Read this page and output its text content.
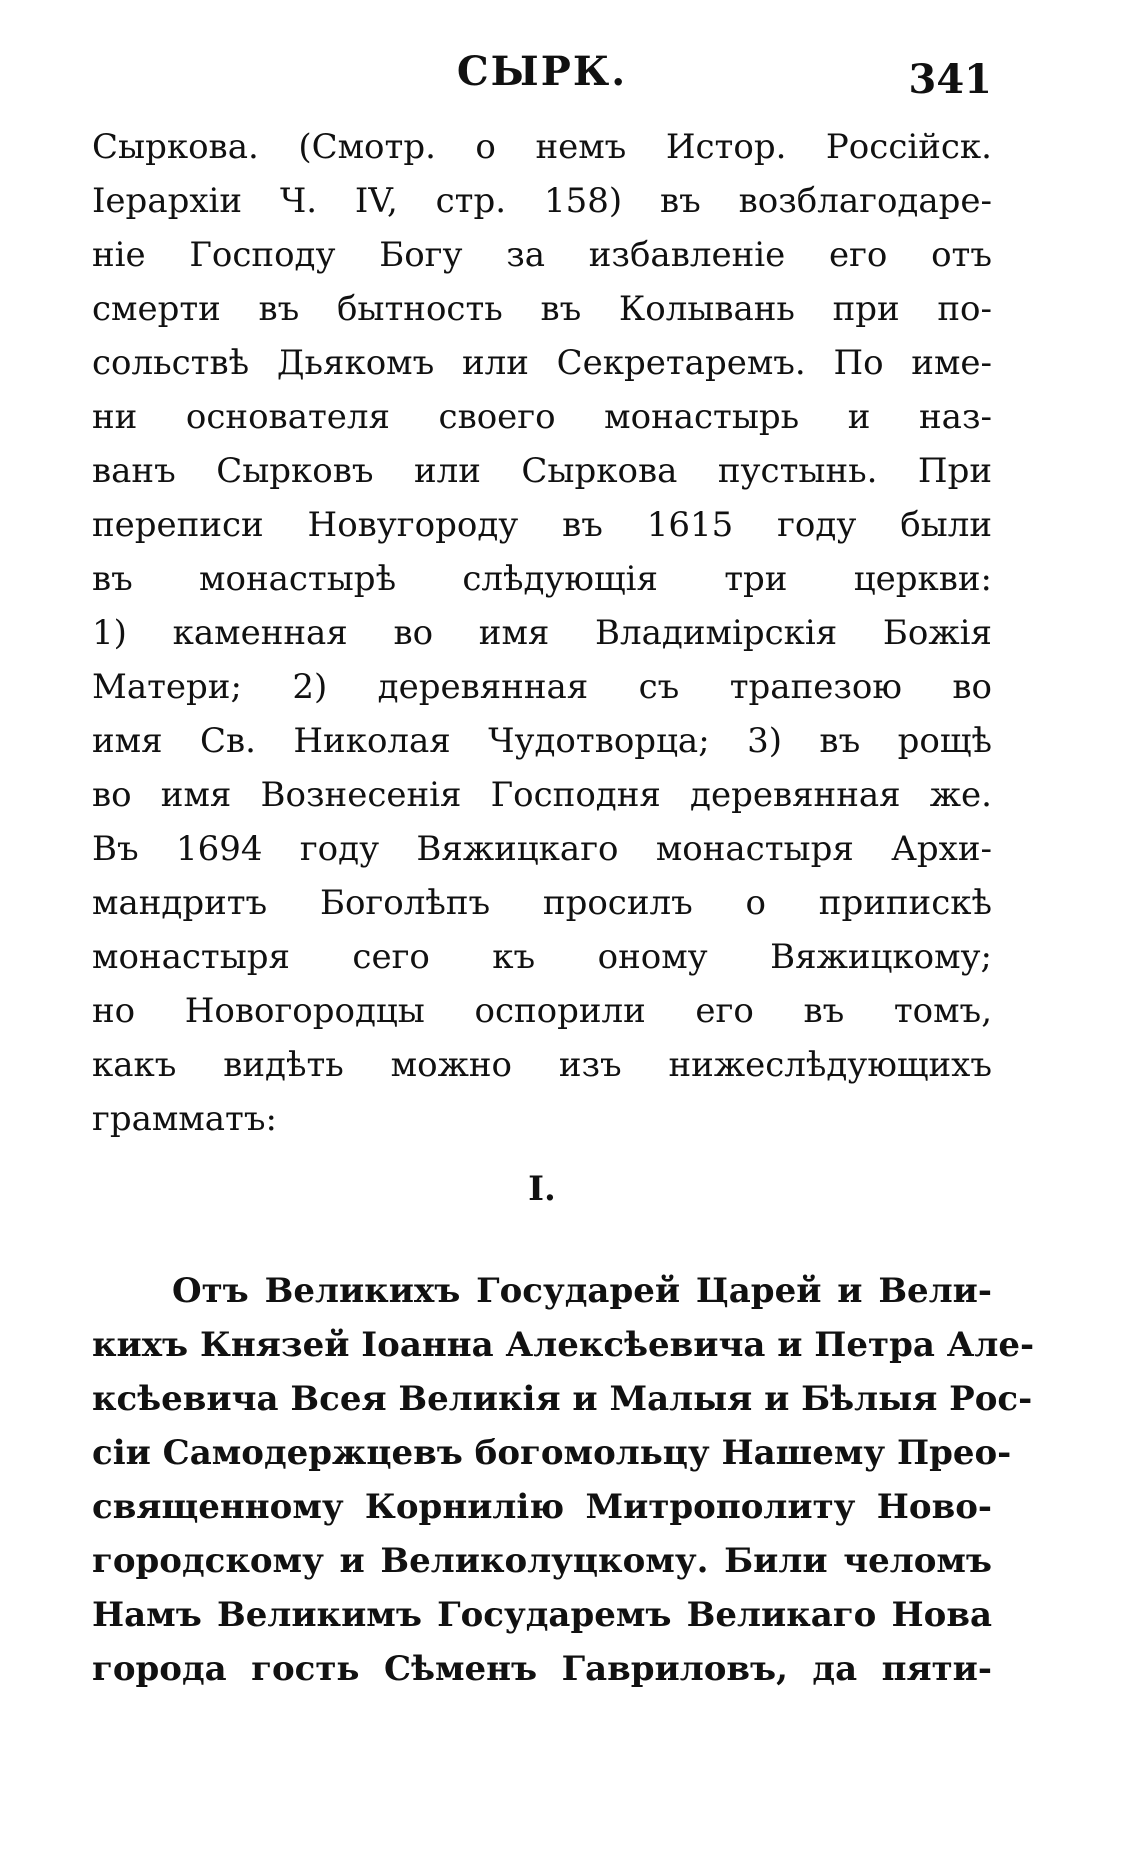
СЫРК.	341
Сыркова. (Смотр. о немъ Истор. Россійск.
Іерархіи Ч. IV, стр. 158) въ возблагодаре-
ніе Господу Богу за избавленіе его отъ
смерти въ бытность въ Колывань при по-
сольствѣ Дьякомъ или Секретаремъ. По име-
ни основателя своего монастырь и наз-
ванъ Сырковъ или Сыркова пустынь. При
переписи Новугороду въ 1615 году были
въ монастырѣ слѣдующія три церкви:
1) каменная во имя Владимірскія Божія
Матери; 2) деревянная съ трапезою во
имя Св. Николая Чудотворца; 3) въ рощѣ
во имя Вознесенія Господня деревянная же.
Въ 1694 году Вяжицкаго монастыря Архи-
мандритъ Боголѣпъ просилъ о припискѣ
монастыря сего къ оному Вяжицкому;
но Новогородцы оспорили его въ томъ,
какъ видѣть можно изъ нижеслѣдующихъ
грамматъ:
I.
Отъ Великихъ Государей Царей и Вели-
кихъ Князей Іоанна Алексѣевича и Петра Але-
ксѣевича Всея Великія и Малыя и Бѣлыя Рос-
сіи Самодержцевъ богомольцу Нашему Прео-
священному Корнилію Митрополиту Ново-
городскому и Великолуцкому. Били челомъ
Намъ Великимъ Государемъ Великаго Нова
города гость Сѣменъ Гавриловъ, да пяти-
